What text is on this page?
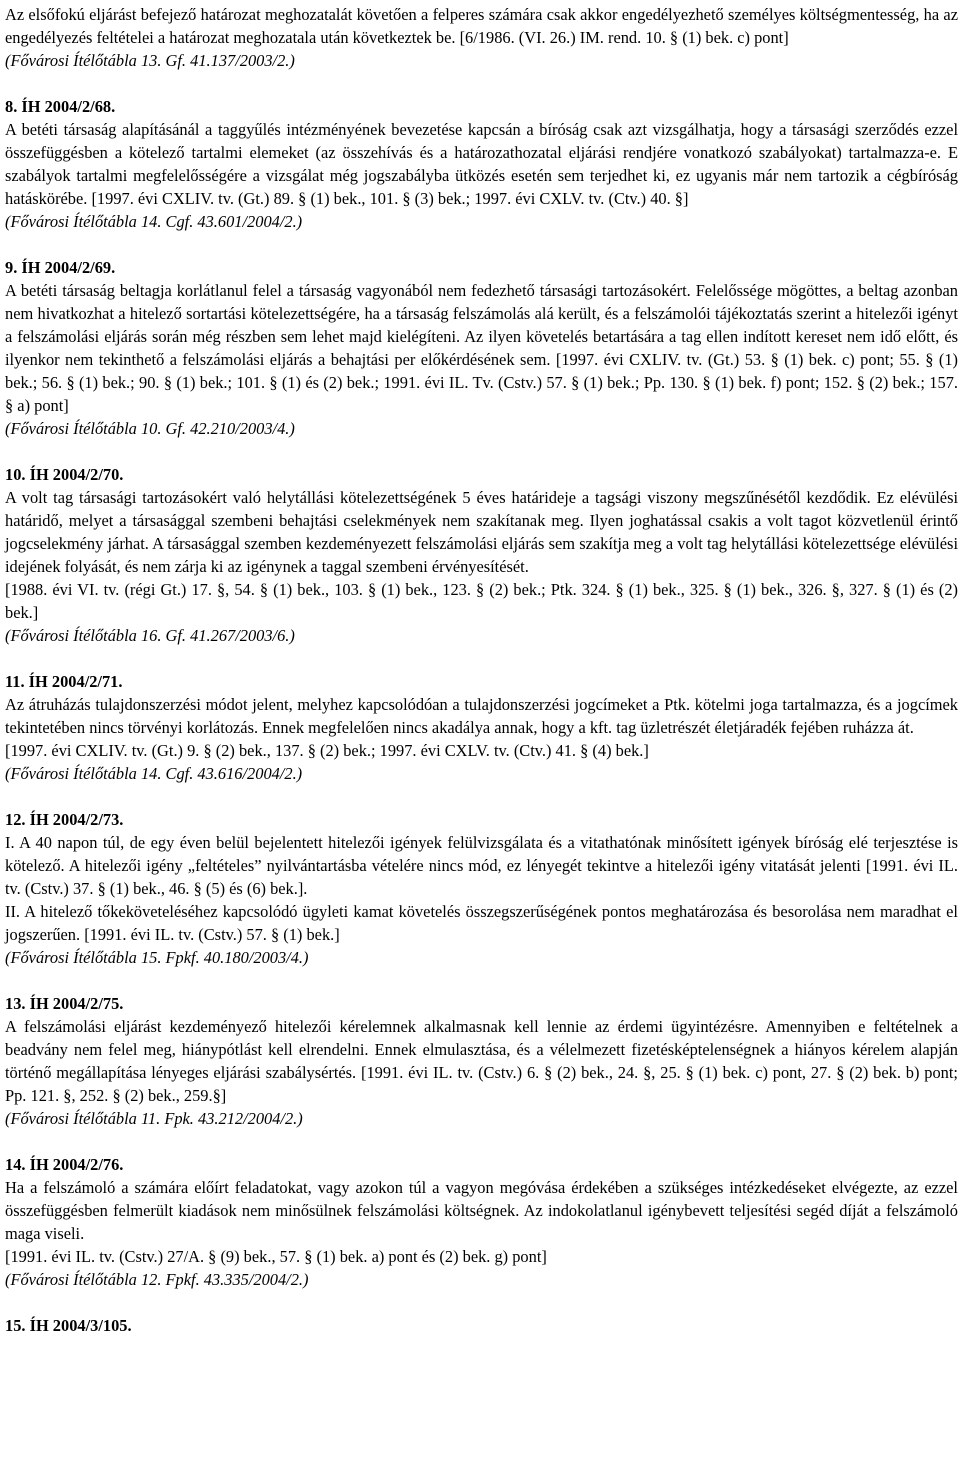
Az elsőfokú eljárást befejező határozat meghozatalát követően a felperes számára csak akkor engedélyezhető személyes költségmentesség, ha az engedélyezés feltételei a határozat meghozatala után következtek be. [6/1986. (VI. 26.) IM. rend. 10. § (1) bek. c) pont]

(Fővárosi Ítélőtábla 13. Gf. 41.137/2003/2.)

8. ÍH 2004/2/68.

A betéti társaság alapításánál a taggyűlés intézményének bevezetése kapcsán a bíróság csak azt vizsgálhatja, hogy a társasági szerződés ezzel összefüggésben a kötelező tartalmi elemeket (az összehívás és a határozathozatal eljárási rendjére vonatkozó szabályokat) tartalmazza-e. E szabályok tartalmi megfelelősségére a vizsgálat még jogszabályba ütközés esetén sem terjedhet ki, ez ugyanis már nem tartozik a cégbíróság hatáskörébe. [1997. évi CXLIV. tv. (Gt.) 89. § (1) bek., 101. § (3) bek.; 1997. évi CXLV. tv. (Ctv.) 40. §]

(Fővárosi Ítélőtábla 14. Cgf. 43.601/2004/2.)

9. ÍH 2004/2/69.

A betéti társaság beltagja korlátlanul felel a társaság vagyonából nem fedezhető társasági tartozásokért. Felelőssége mögöttes, a beltag azonban nem hivatkozhat a hitelező sortartási kötelezettségére, ha a társaság felszámolás alá került, és a felszámolói tájékoztatás szerint a hitelezői igényt a felszámolási eljárás során még részben sem lehet majd kielégíteni. Az ilyen követelés betartására a tag ellen indított kereset nem idő előtt, és ilyenkor nem tekinthető a felszámolási eljárás a behajtási per előkérdésének sem. [1997. évi CXLIV. tv. (Gt.) 53. § (1) bek. c) pont; 55. § (1) bek.; 56. § (1) bek.; 90. § (1) bek.; 101. § (1) és (2) bek.; 1991. évi IL. Tv. (Cstv.) 57. § (1) bek.; Pp. 130. § (1) bek. f) pont; 152. § (2) bek.; 157. § a) pont]

(Fővárosi Ítélőtábla 10. Gf. 42.210/2003/4.)

10. ÍH 2004/2/70.

A volt tag társasági tartozásokért való helytállási kötelezettségének 5 éves határideje a tagsági viszony megszűnésétől kezdődik. Ez elévülési határidő, melyet a társasággal szembeni behajtási cselekmények nem szakítanak meg. Ilyen joghatással csakis a volt tagot közvetlenül érintő jogcselekmény járhat. A társasággal szemben kezdeményezett felszámolási eljárás sem szakítja meg a volt tag helytállási kötelezettsége elévülési idejének folyását, és nem zárja ki az igénynek a taggal szembeni érvényesítését.

[1988. évi VI. tv. (régi Gt.) 17. §, 54. § (1) bek., 103. § (1) bek., 123. § (2) bek.; Ptk. 324. § (1) bek., 325. § (1) bek., 326. §, 327. § (1) és (2) bek.]

(Fővárosi Ítélőtábla 16. Gf. 41.267/2003/6.)

11. ÍH 2004/2/71.

Az átruházás tulajdonszerzési módot jelent, melyhez kapcsolódóan a tulajdonszerzési jogcímeket a Ptk. kötelmi joga tartalmazza, és a jogcímek tekintetében nincs törvényi korlátozás. Ennek megfelelően nincs akadálya annak, hogy a kft. tag üzletrészét életjáradék fejében ruházza át.

[1997. évi CXLIV. tv. (Gt.) 9. § (2) bek., 137. § (2) bek.; 1997. évi CXLV. tv. (Ctv.) 41. § (4) bek.]

(Fővárosi Ítélőtábla 14. Cgf. 43.616/2004/2.)

12. ÍH 2004/2/73.

I. A 40 napon túl, de egy éven belül bejelentett hitelezői igények felülvizsgálata és a vitathatónak minősített igények bíróság elé terjesztése is kötelező. A hitelezői igény „feltételes” nyilvántartásba vételére nincs mód, ez lényegét tekintve a hitelezői igény vitatását jelenti [1991. évi IL. tv. (Cstv.) 37. § (1) bek., 46. § (5) és (6) bek.].

II. A hitelező tőkeköveteléséhez kapcsolódó ügyleti kamat követelés összegszerűségének pontos meghatározása és besorolása nem maradhat el jogszerűen. [1991. évi IL. tv. (Cstv.) 57. § (1) bek.]

(Fővárosi Ítélőtábla 15. Fpkf. 40.180/2003/4.)

13. ÍH 2004/2/75.

A felszámolási eljárást kezdeményező hitelezői kérelemnek alkalmasnak kell lennie az érdemi ügyintézésre. Amennyiben e feltételnek a beadvány nem felel meg, hiánypótlást kell elrendelni. Ennek elmulasztása, és a vélelmezett fizetésképtelenségnek a hiányos kérelem alapján történő megállapítása lényeges eljárási szabálysértés. [1991. évi IL. tv. (Cstv.) 6. § (2) bek., 24. §, 25. § (1) bek. c) pont, 27. § (2) bek. b) pont; Pp. 121. §, 252. § (2) bek., 259.§]

(Fővárosi Ítélőtábla 11. Fpk. 43.212/2004/2.)

14. ÍH 2004/2/76.

Ha a felszámoló a számára előírt feladatokat, vagy azokon túl a vagyon megóvása érdekében a szükséges intézkedéseket elvégezte, az ezzel összefüggésben felmerült kiadások nem minősülnek felszámolási költségnek. Az indokolatlanul igénybevett teljesítési segéd díját a felszámoló maga viseli.

[1991. évi IL. tv. (Cstv.) 27/A. § (9) bek., 57. § (1) bek. a) pont és (2) bek. g) pont]

(Fővárosi Ítélőtábla 12. Fpkf. 43.335/2004/2.)

15. ÍH 2004/3/105.
